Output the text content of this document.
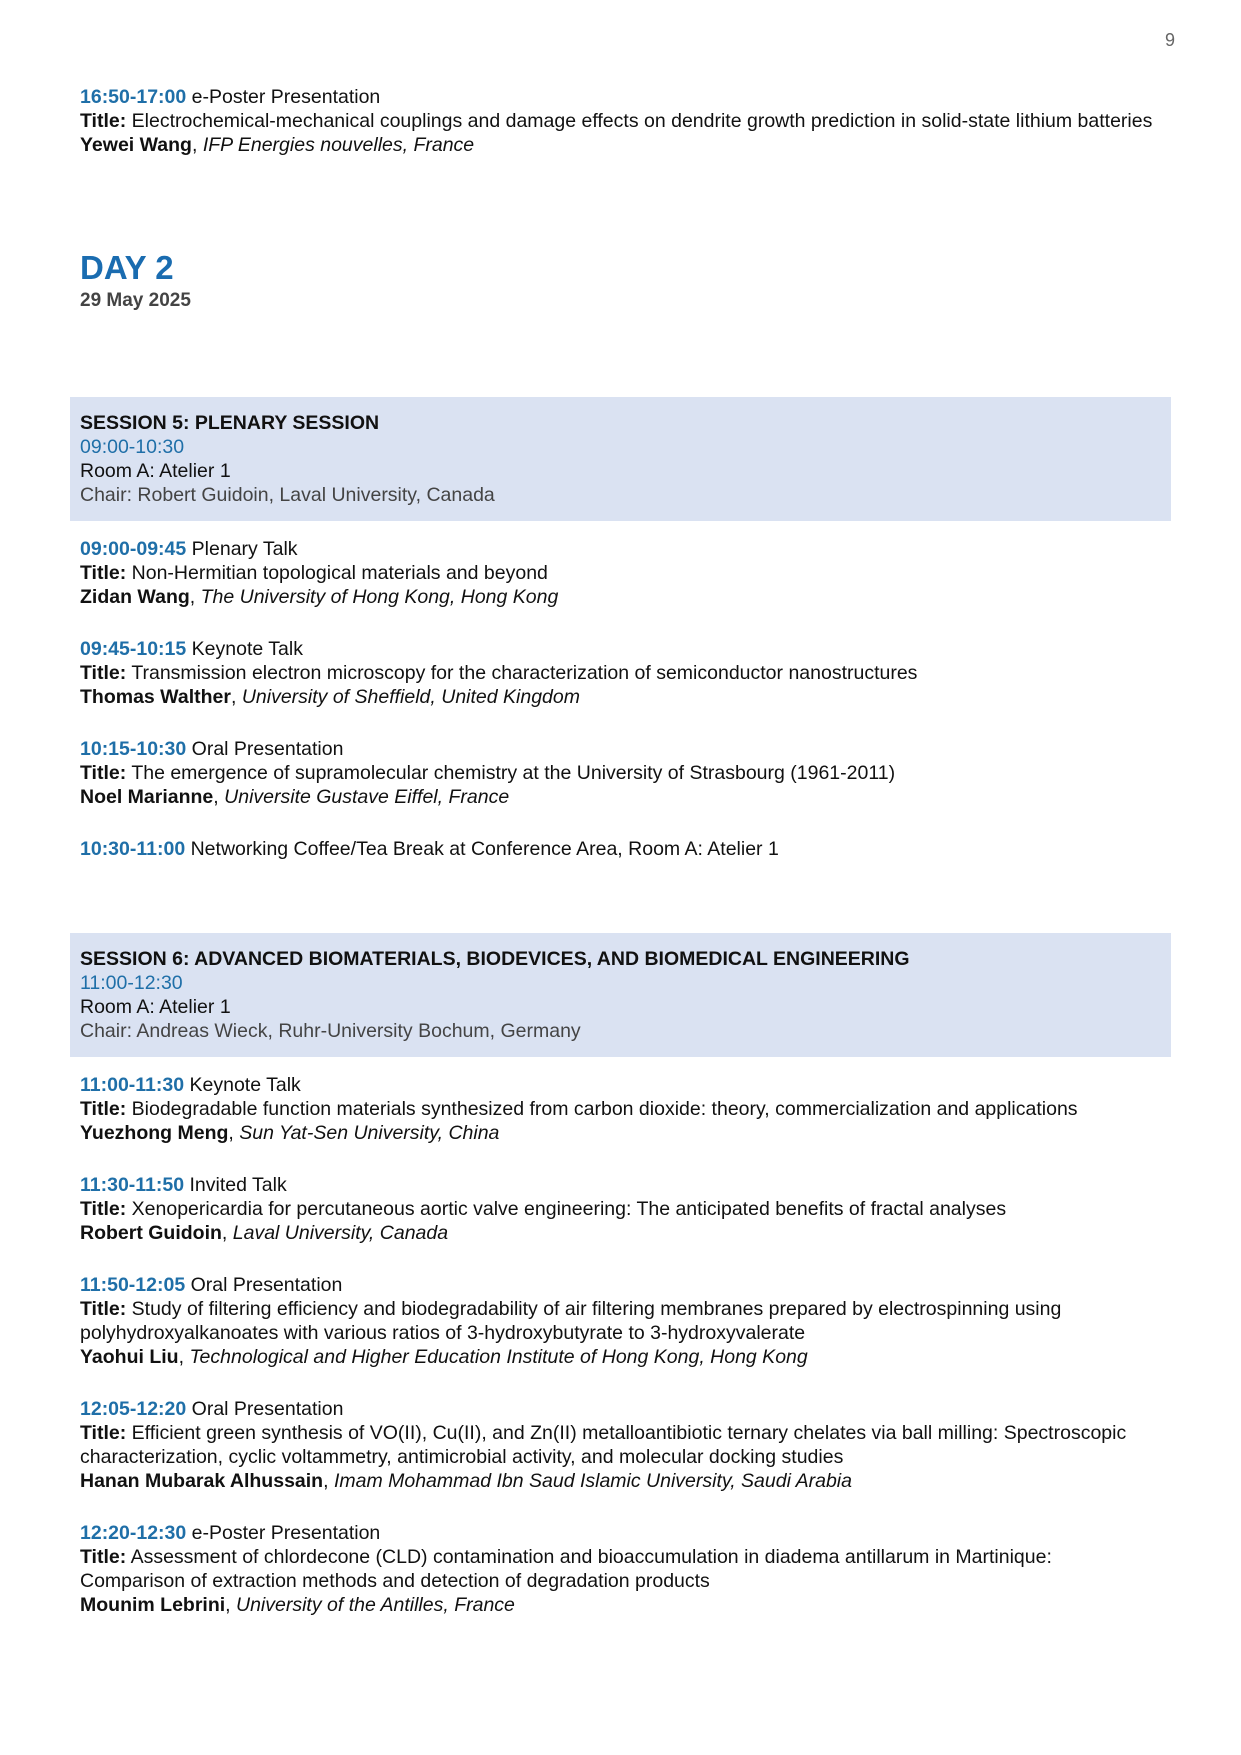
9
16:50-17:00 e-Poster Presentation
Title: Electrochemical-mechanical couplings and damage effects on dendrite growth prediction in solid-state lithium batteries
Yewei Wang, IFP Energies nouvelles, France
DAY 2
29 May 2025
SESSION 5: PLENARY SESSION
09:00-10:30
Room A: Atelier 1
Chair: Robert Guidoin, Laval University, Canada
09:00-09:45 Plenary Talk
Title: Non-Hermitian topological materials and beyond
Zidan Wang, The University of Hong Kong, Hong Kong
09:45-10:15 Keynote Talk
Title: Transmission electron microscopy for the characterization of semiconductor nanostructures
Thomas Walther, University of Sheffield, United Kingdom
10:15-10:30 Oral Presentation
Title: The emergence of supramolecular chemistry at the University of Strasbourg (1961-2011)
Noel Marianne, Universite Gustave Eiffel, France
10:30-11:00 Networking Coffee/Tea Break at Conference Area, Room A: Atelier 1
SESSION 6: ADVANCED BIOMATERIALS, BIODEVICES, AND BIOMEDICAL ENGINEERING
11:00-12:30
Room A: Atelier 1
Chair: Andreas Wieck, Ruhr-University Bochum, Germany
11:00-11:30 Keynote Talk
Title: Biodegradable function materials synthesized from carbon dioxide: theory, commercialization and applications
Yuezhong Meng, Sun Yat-Sen University, China
11:30-11:50 Invited Talk
Title: Xenopericardia for percutaneous aortic valve engineering: The anticipated benefits of fractal analyses
Robert Guidoin, Laval University, Canada
11:50-12:05 Oral Presentation
Title: Study of filtering efficiency and biodegradability of air filtering membranes prepared by electrospinning using polyhydroxyalkanoates with various ratios of 3-hydroxybutyrate to 3-hydroxyvalerate
Yaohui Liu, Technological and Higher Education Institute of Hong Kong, Hong Kong
12:05-12:20 Oral Presentation
Title: Efficient green synthesis of VO(II), Cu(II), and Zn(II) metalloantibiotic ternary chelates via ball milling: Spectroscopic characterization, cyclic voltammetry, antimicrobial activity, and molecular docking studies
Hanan Mubarak Alhussain, Imam Mohammad Ibn Saud Islamic University, Saudi Arabia
12:20-12:30 e-Poster Presentation
Title: Assessment of chlordecone (CLD) contamination and bioaccumulation in diadema antillarum in Martinique: Comparison of extraction methods and detection of degradation products
Mounim Lebrini, University of the Antilles, France
